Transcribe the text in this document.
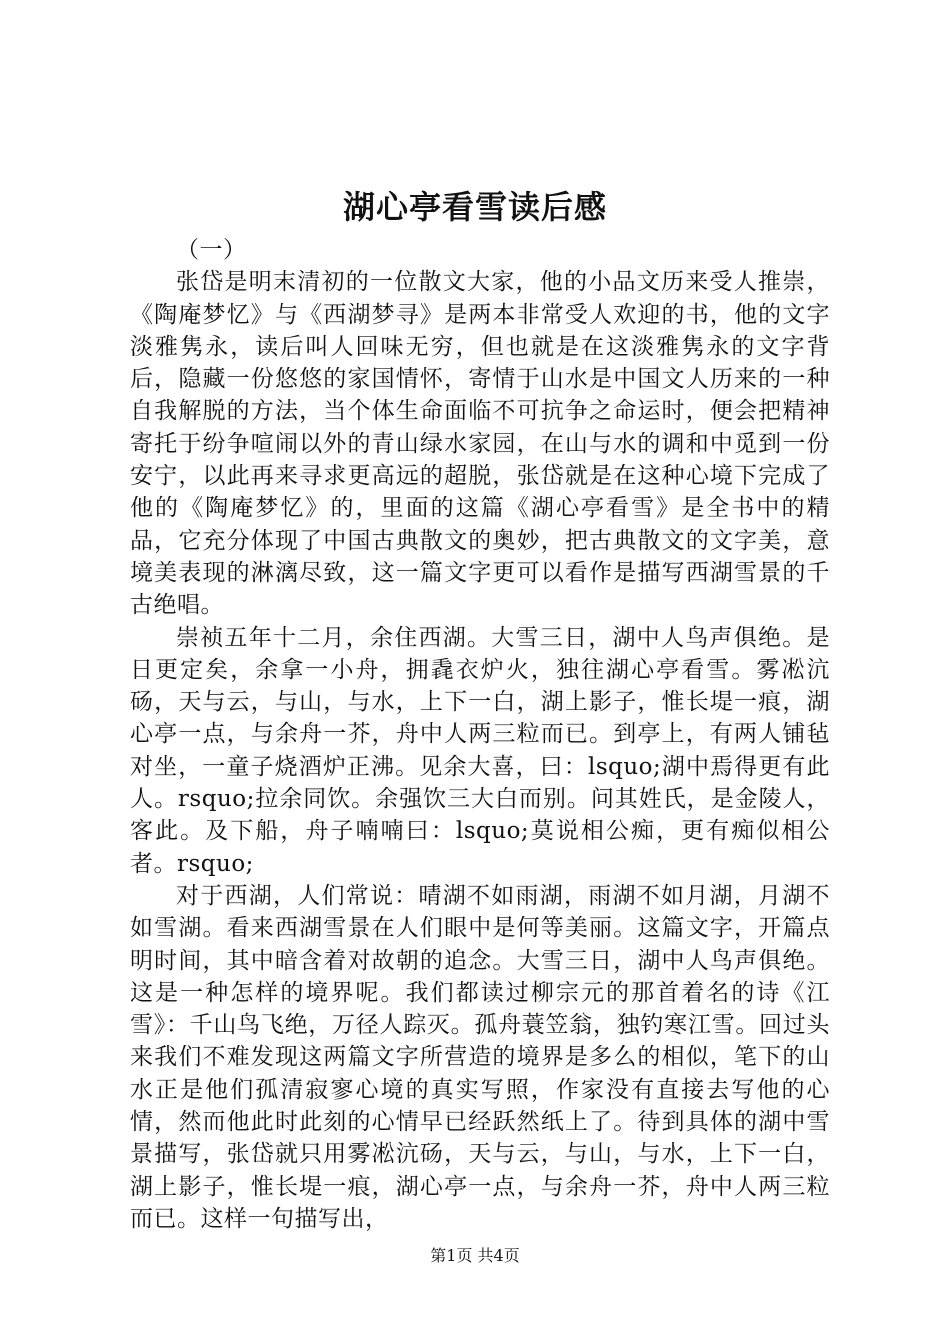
湖心亭看雪读后感

（一）

张岱是明末清初的一位散文大家，他的小品文历来受人推崇，《陶庵梦忆》与《西湖梦寻》是两本非常受人欢迎的书，他的文字淡雅隽永，读后叫人回味无穷，但也就是在这淡雅隽永的文字背后，隐藏一份悠悠的家国情怀，寄情于山水是中国文人历来的一种自我解脱的方法，当个体生命面临不可抗争之命运时，便会把精神寄托于纷争喧闹以外的青山绿水家园，在山与水的调和中觅到一份安宁，以此再来寻求更高远的超脱，张岱就是在这种心境下完成了他的《陶庵梦忆》的，里面的这篇《湖心亭看雪》是全书中的精品，它充分体现了中国古典散文的奥妙，把古典散文的文字美，意境美表现的淋漓尽致，这一篇文字更可以看作是描写西湖雪景的千古绝唱。

崇祯五年十二月，余住西湖。大雪三日，湖中人鸟声俱绝。是日更定矣，余拿一小舟，拥毳衣炉火，独往湖心亭看雪。雾凇沆砀，天与云，与山，与水，上下一白，湖上影子，惟长堤一痕，湖心亭一点，与余舟一芥，舟中人两三粒而已。到亭上，有两人铺毡对坐，一童子烧酒炉正沸。见余大喜，曰：lsquo;湖中焉得更有此人。rsquo;拉余同饮。余强饮三大白而别。问其姓氏，是金陵人，客此。及下船，舟子喃喃曰：lsquo;莫说相公痴，更有痴似相公者。rsquo;

对于西湖，人们常说：晴湖不如雨湖，雨湖不如月湖，月湖不如雪湖。看来西湖雪景在人们眼中是何等美丽。这篇文字，开篇点明时间，其中暗含着对故朝的追念。大雪三日，湖中人鸟声俱绝。这是一种怎样的境界呢。我们都读过柳宗元的那首着名的诗《江雪》：千山鸟飞绝，万径人踪灭。孤舟蓑笠翁，独钓寒江雪。回过头来我们不难发现这两篇文字所营造的境界是多么的相似，笔下的山水正是他们孤清寂寥心境的真实写照，作家没有直接去写他的心情，然而他此时此刻的心情早已经跃然纸上了。待到具体的湖中雪景描写，张岱就只用雾凇沆砀，天与云，与山，与水，上下一白，湖上影子，惟长堤一痕，湖心亭一点，与余舟一芥，舟中人两三粒而已。这样一句描写出，

第1页 共4页
